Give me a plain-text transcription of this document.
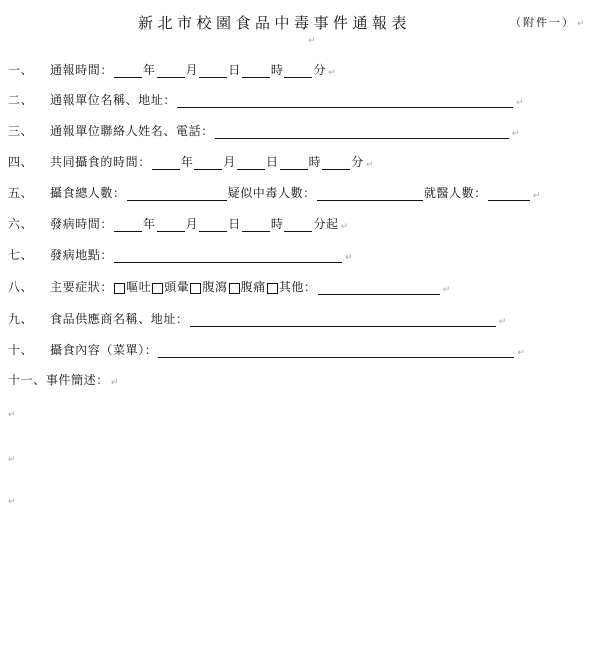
新北市校園食品中毒事件通報表	（附件一） ↵
↵
一、	通報時間：	年	月	日	時	分 ↵
二、	通報單位名稱、地址：	↵
三、	通報單位聯絡人姓名、電話：	↵
四、	共同攝食的時間：	年	月	日	時	分 ↵
五、	攝食總人數：	疑似中毒人數：	就醫人數：	↵
六、	發病時間：	年	月	日	時	分起 ↵
七、	發病地點：	↵
八、	主要症狀： 嘔吐 頭暈 腹瀉 腹痛 其他：	↵
九、	食品供應商名稱、地址：	↵
十、	攝食內容（菜單）：	↵
十一、 事件簡述： ↵
↵
↵
↵
